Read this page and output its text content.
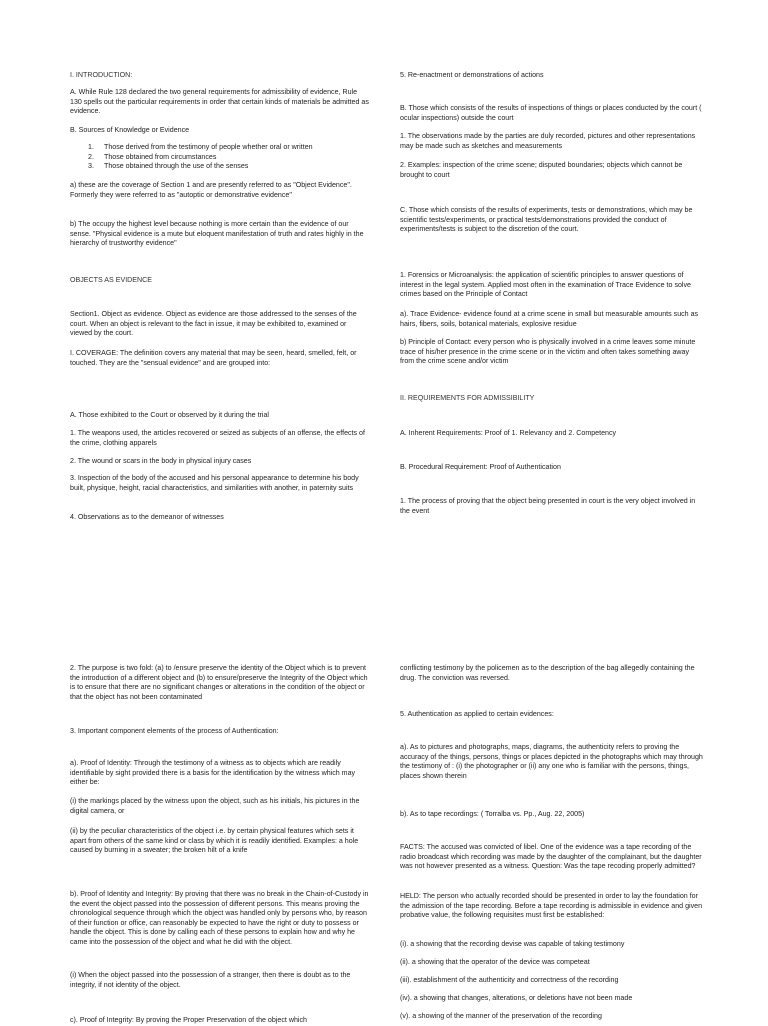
I. INTRODUCTION:

A. While Rule 128 declared the two general requirements for admissibility of evidence, Rule 130 spells out the particular requirements in order that certain kinds of materials be admitted as evidence.

B. Sources of Knowledge or Evidence

1. Those derived from the testimony of people whether oral or written
2. Those obtained from circumstances
3. Those obtained through the use of the senses

a) these are the coverage of Section 1 and are presently referred to as "Object Evidence". Formerly they were referred to as "autoptic or demonstrative evidence"

b) The occupy the highest level because nothing is more certain than the evidence of our sense. "Physical evidence is a mute but eloquent manifestation of truth and rates highly in the hierarchy of trustworthy evidence"

OBJECTS AS EVIDENCE

Section1. Object as evidence. Object as evidence are those addressed to the senses of the court. When an object is relevant to the fact in issue, it may be exhibited to, examined or viewed by the court.

I. COVERAGE: The definition covers any material that may be seen, heard, smelled, felt, or touched. They are the "sensual evidence" and are grouped into:

A. Those exhibited to the Court or observed by it during the trial

1. The weapons used, the articles recovered or seized as subjects of an offense, the effects of the crime, clothing apparels

2. The wound or scars in the body in physical injury cases

3. Inspection of the body of the accused and his personal appearance to determine his body built, physique, height, racial characteristics, and similarities with another, in paternity suits

4. Observations as to the demeanor of witnesses

2. The purpose is two fold: (a) to /ensure preserve the identity of the Object which is to prevent the introduction of a different object and (b) to ensure/preserve the Integrity of the Object which is to ensure that there are no significant changes or alterations in the condition of the object or that the object has not been contaminated

3. Important component elements of the process of Authentication:

a). Proof of Identity: Through the testimony of a witness as to objects which are readily identifiable by sight provided there is a basis for the identification by the witness which may either be:

(i) the markings placed by the witness upon the object, such as his initials, his pictures in the digital camera, or

(ii) by the peculiar characteristics of the object i.e. by certain physical features which sets it apart from others of the same kind or class by which it is readily identified. Examples: a hole caused by burning in a sweater; the broken hilt of a knife

b). Proof of Identity and Integrity: By proving that there was no break in the Chain-of-Custody in the event the object passed into the possession of different persons. This means proving the chronological sequence through which the object was handled only by persons who, by reason of their function or office, can reasonably be expected to have the right or duty to possess or handle the object. This is done by calling each of these persons to explain how and why he came into the possession of the object and what he did with the object.

(i) When the object passed into the possession of a stranger, then there is doubt as to the integrity, if not identity of the object.

c). Proof of Integrity: By proving the Proper Preservation of the object which

5. Re-enactment or demonstrations of actions

B. Those which consists of the results of inspections of things or places conducted by the court ( ocular inspections) outside the court

1. The observations made by the parties are duly recorded, pictures and other representations may be made such as sketches and measurements

2. Examples: inspection of the crime scene; disputed boundaries; objects which cannot be brought to court

C. Those which consists of the results of experiments, tests or demonstrations, which may be scientific tests/experiments, or practical tests/demonstrations provided the conduct of experiments/tests is subject to the discretion of the court.

1. Forensics or Microanalysis: the application of scientific principles to answer questions of interest in the legal system. Applied most often in the examination of Trace Evidence to solve crimes based on the Principle of Contact

a). Trace Evidence- evidence found at a crime scene in small but measurable amounts such as hairs, fibers, soils, botanical materials, explosive residue

b) Principle of Contact: every person who is physically involved in a crime leaves some minute trace of his/her presence in the crime scene or in the victim and often takes something away from the crime scene and/or victim

II. REQUIREMENTS FOR ADMISSIBILITY

A. Inherent Requirements: Proof of 1. Relevancy and 2. Competency

B. Procedural Requirement: Proof of Authentication

1. The process of proving that the object being presented in court is the very object involved in the event

conflicting testimony by the policemen as to the description of the bag allegedly containing the drug. The conviction was reversed.

5. Authentication as applied to certain evidences:

a). As to pictures and photographs, maps, diagrams, the authenticity refers to proving the accuracy of the things, persons, things or places depicted in the photographs which may through the testimony of : (i) the photographer or (ii) any one who is familiar with the persons, things, places shown therein

b). As to tape recordings: ( Torralba vs. Pp., Aug. 22, 2005)

FACTS: The accused was convicted of libel. One of the evidence was a tape recording of the radio broadcast which recording was made by the daughter of the complainant, but the daughter was not however presented as a witness. Question: Was the tape recoding properly admitted?

HELD: The person who actually recorded should be presented in order to lay the foundation for the admission of the tape recording. Before a tape recording is admissible in evidence and given probative value, the following requisites must first be established:

(i). a showing that the recording devise was capable of taking testimony

(ii). a showing that the operator of the device was competeat

(iii). establishment of the authenticity and correctness of the recording

(iv). a showing that changes, alterations, or deletions have not been made

(v). a showing of the manner of the preservation of the recording
